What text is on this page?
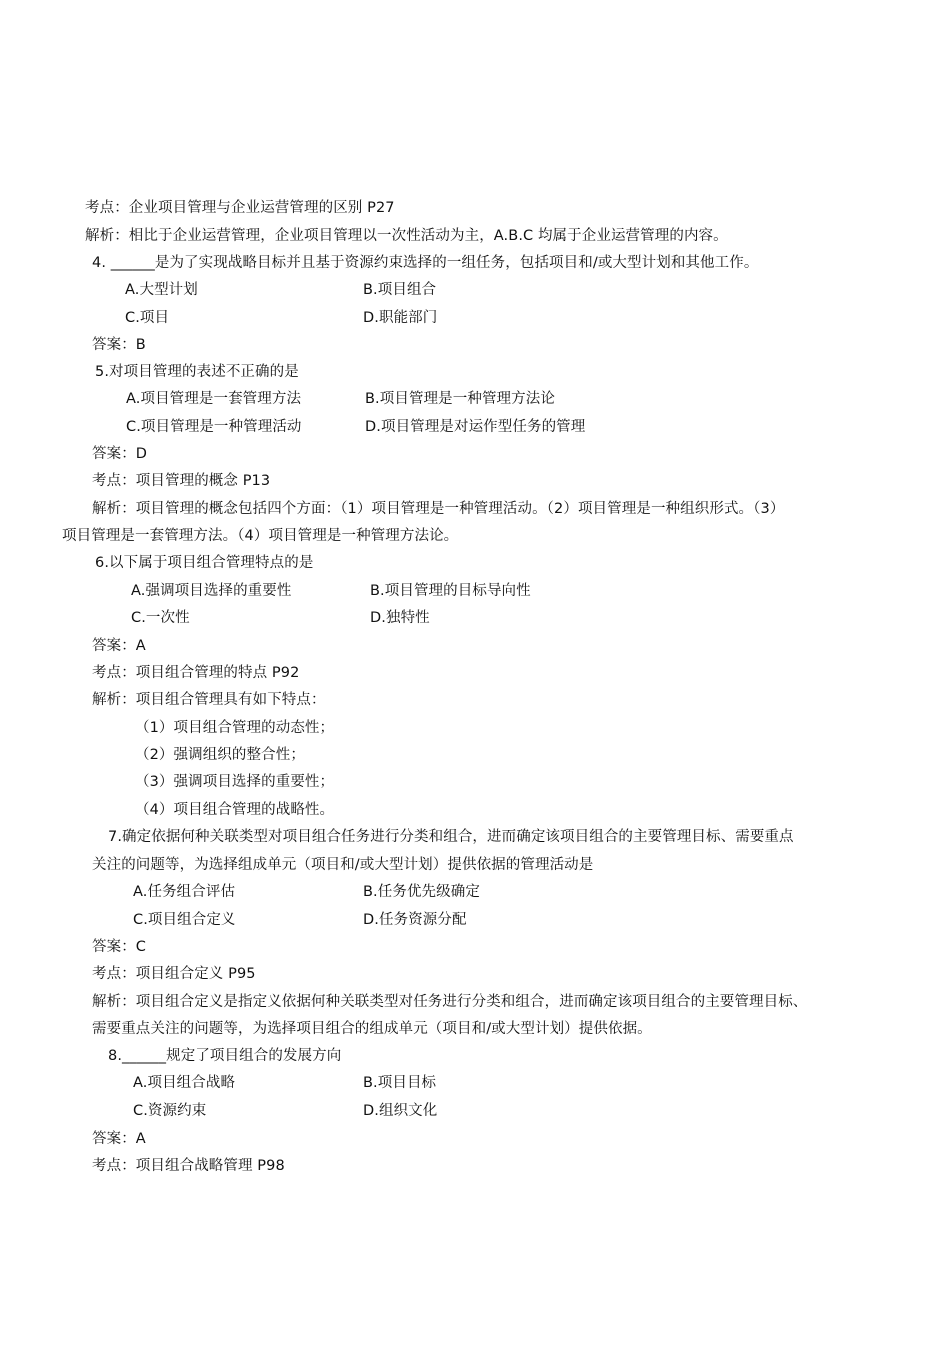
考点：企业项目管理与企业运营管理的区别 P27
解析：相比于企业运营管理，企业项目管理以一次性活动为主，A.B.C 均属于企业运营管理的内容。
4. ______是为了实现战略目标并且基于资源约束选择的一组任务，包括项目和/或大型计划和其他工作。
A.大型计划	B.项目组合
C.项目	D.职能部门
答案：B
5.对项目管理的表述不正确的是
A.项目管理是一套管理方法	B.项目管理是一种管理方法论
C.项目管理是一种管理活动	D.项目管理是对运作型任务的管理
答案：D
考点：项目管理的概念 P13
解析：项目管理的概念包括四个方面：（1）项目管理是一种管理活动。（2）项目管理是一种组织形式。（3）
项目管理是一套管理方法。（4）项目管理是一种管理方法论。
6.以下属于项目组合管理特点的是
A.强调项目选择的重要性	B.项目管理的目标导向性
C.一次性	D.独特性
答案：A
考点：项目组合管理的特点 P92
解析：项目组合管理具有如下特点：
（1）项目组合管理的动态性；
（2）强调组织的整合性；
（3）强调项目选择的重要性；
（4）项目组合管理的战略性。
7.确定依据何种关联类型对项目组合任务进行分类和组合，进而确定该项目组合的主要管理目标、需要重点
关注的问题等，为选择组成单元（项目和/或大型计划）提供依据的管理活动是
A.任务组合评估	B.任务优先级确定
C.项目组合定义	D.任务资源分配
答案：C
考点：项目组合定义 P95
解析：项目组合定义是指定义依据何种关联类型对任务进行分类和组合，进而确定该项目组合的主要管理目标、
需要重点关注的问题等，为选择项目组合的组成单元（项目和/或大型计划）提供依据。
8.______规定了项目组合的发展方向
A.项目组合战略	B.项目目标
C.资源约束	D.组织文化
答案：A
考点：项目组合战略管理 P98
